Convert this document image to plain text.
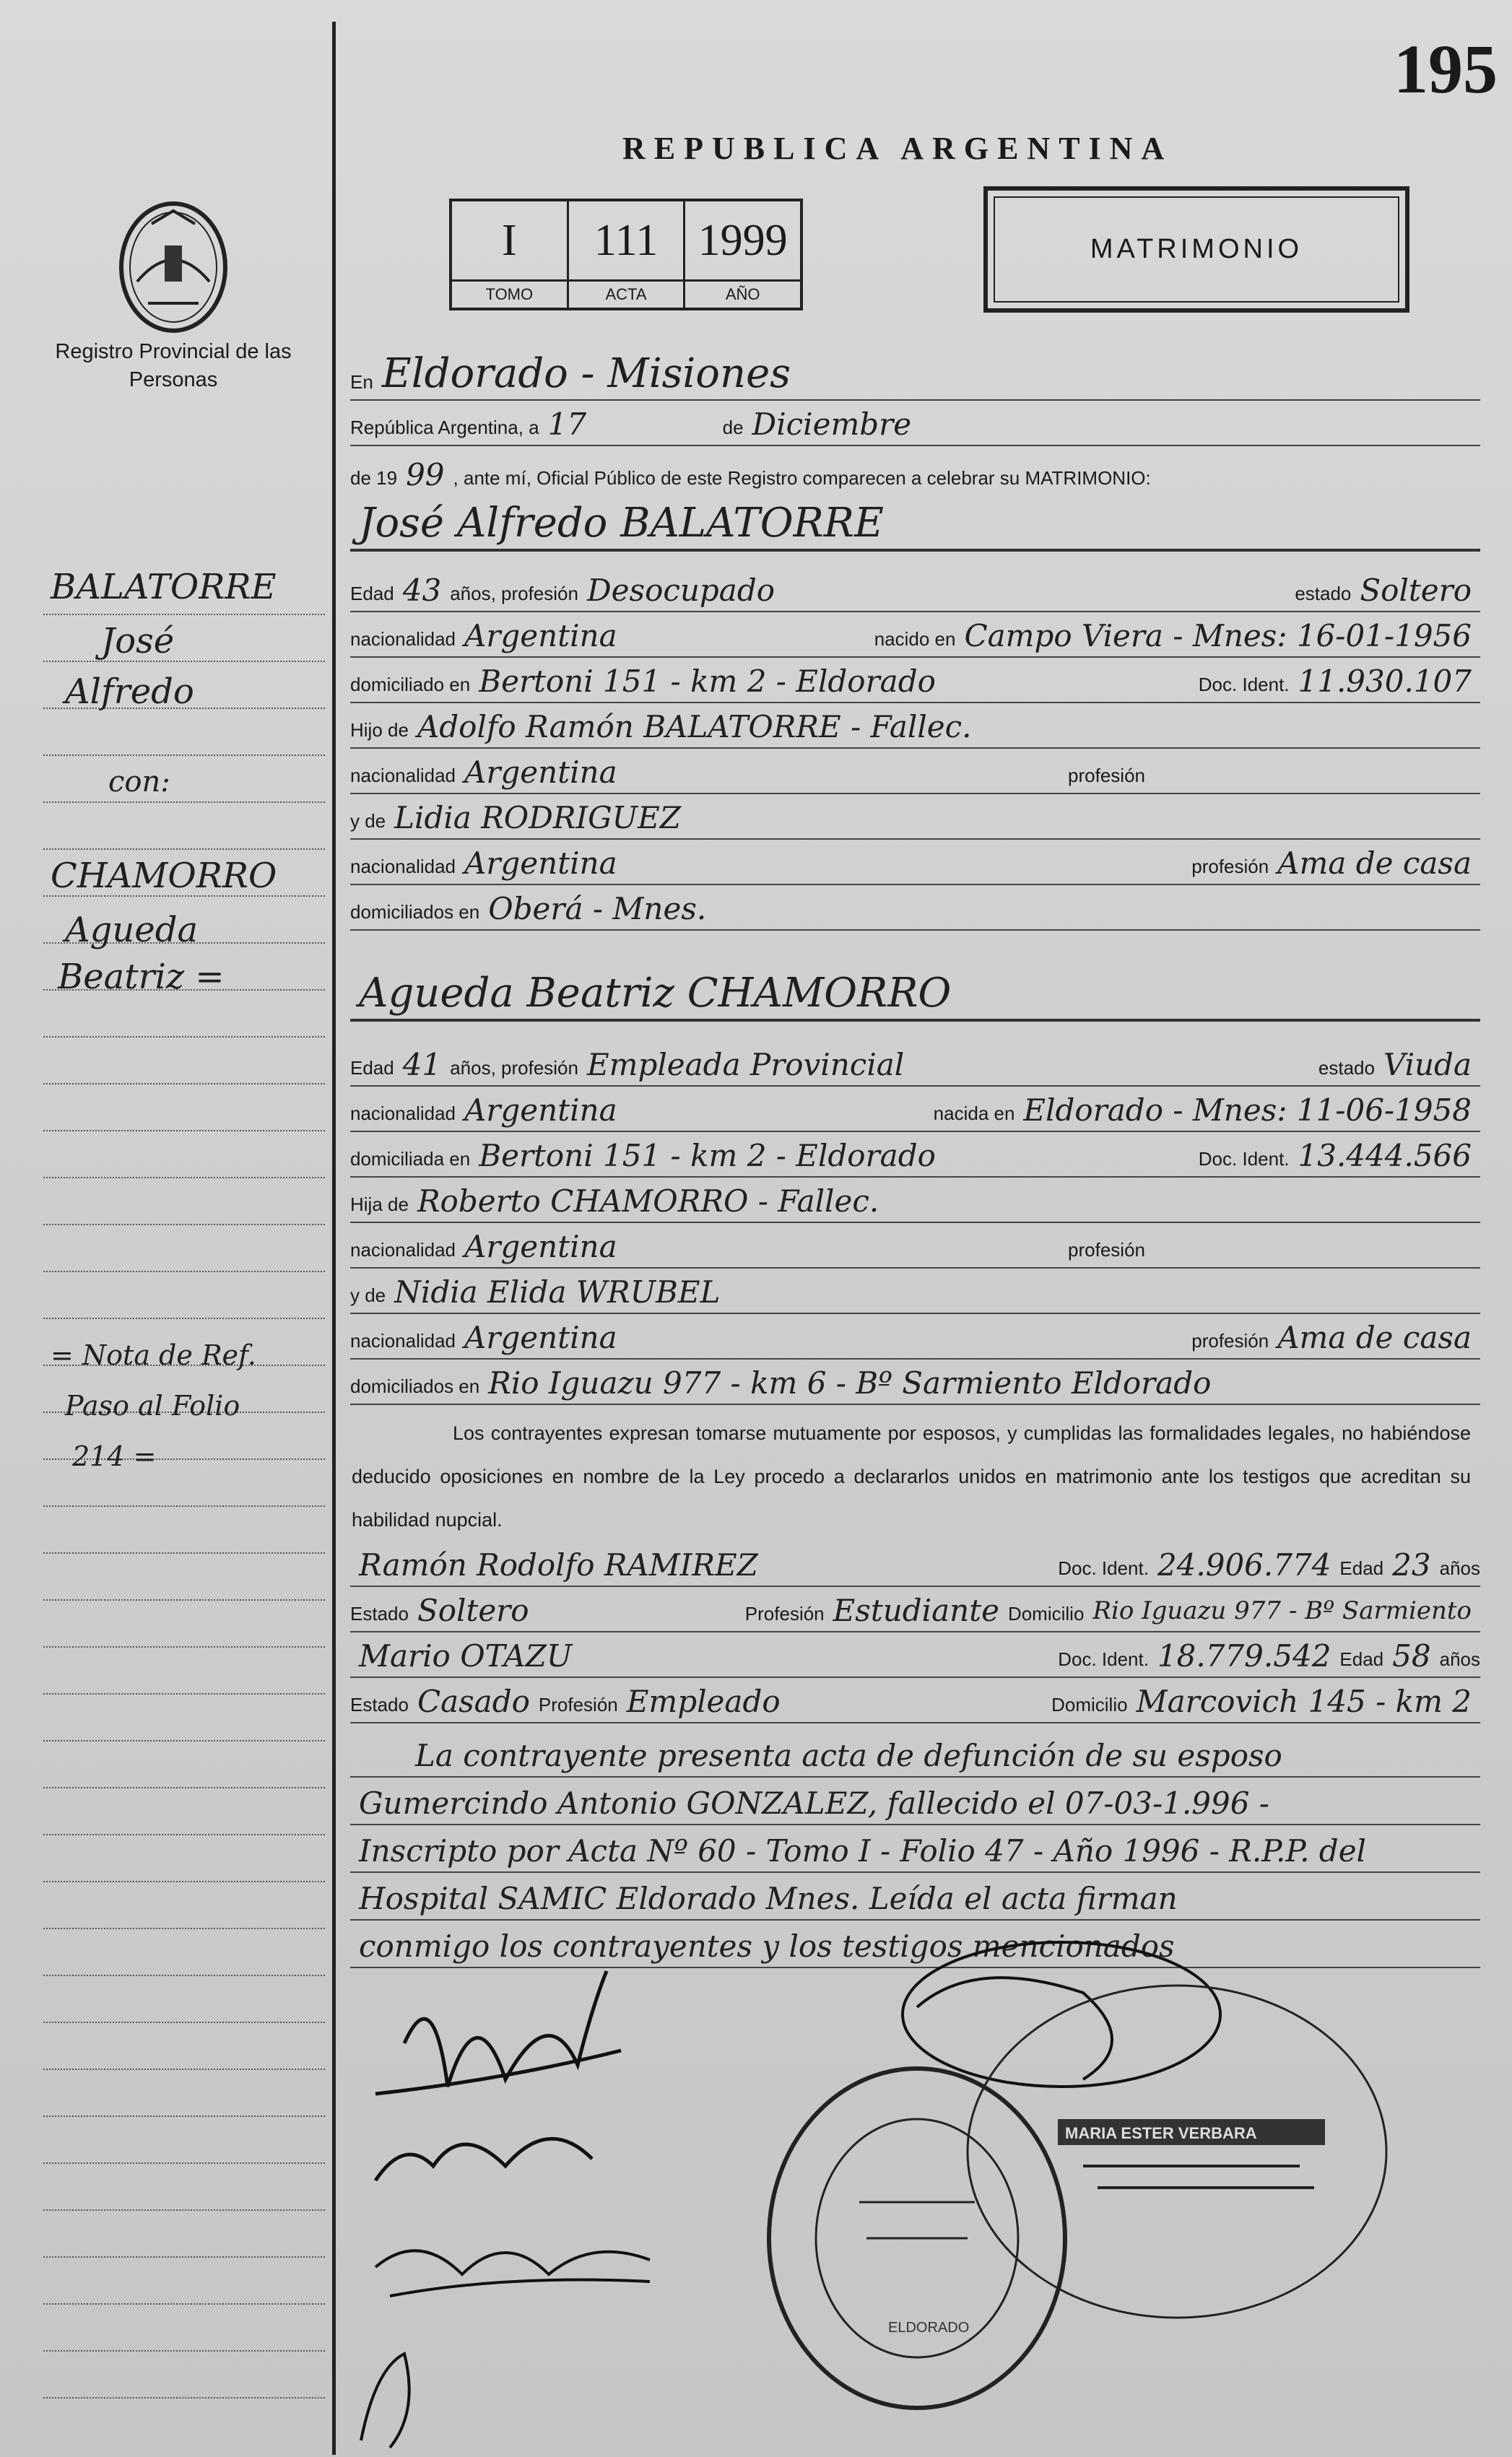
195
REPUBLICA ARGENTINA
Registro Provincial de las Personas
I
TOMO
111
ACTA
1999
AÑO
MATRIMONIO
En Eldorado - Misiones
República Argentina, a 17	de Diciembre
de 19 99 , ante mí, Oficial Público de este Registro comparecen a celebrar su MATRIMONIO:
José Alfredo BALATORRE
Edad 43 años, profesión Desocupado	estado Soltero
nacionalidad Argentina	nacido en Campo Viera - Mnes: 16-01-1956
domiciliado en Bertoni 151 - km 2 - Eldorado	Doc. Ident. 11.930.107
Hijo de Adolfo Ramón BALATORRE - Fallec.
nacionalidad Argentina	profesión
y de Lidia RODRIGUEZ
nacionalidad Argentina	profesión Ama de casa
domiciliados en Oberá - Mnes.
Agueda Beatriz CHAMORRO
Edad 41 años, profesión Empleada Provincial	estado Viuda
nacionalidad Argentina	nacida en Eldorado - Mnes: 11-06-1958
domiciliada en Bertoni 151 - km 2 - Eldorado	Doc. Ident. 13.444.566
Hija de Roberto CHAMORRO - Fallec.
nacionalidad Argentina	profesión
y de Nidia Elida WRUBEL
nacionalidad Argentina	profesión Ama de casa
domiciliados en Rio Iguazu 977 - km 6 - Bº Sarmiento Eldorado
Los contrayentes expresan tomarse mutuamente por esposos, y cumplidas las formalidades legales, no habiéndose deducido oposiciones en nombre de la Ley procedo a declararlos unidos en matrimonio ante los testigos que acreditan su habilidad nupcial.
Ramón Rodolfo RAMIREZ	Doc. Ident. 24.906.774 Edad 23 años
Estado Soltero	Profesión Estudiante Domicilio Rio Iguazu 977 - Bº Sarmiento
Mario OTAZU	Doc. Ident. 18.779.542 Edad 58 años
Estado Casado Profesión Empleado	Domicilio Marcovich 145 - km 2
La contrayente presenta acta de defunción de su esposo
Gumercindo Antonio GONZALEZ, fallecido el 07-03-1.996 -
Inscripto por Acta Nº 60 - Tomo I - Folio 47 - Año 1996 - R.P.P. del
Hospital SAMIC Eldorado Mnes. Leída el acta firman
conmigo los contrayentes y los testigos mencionados
BALATORRE
José
Alfredo
con:
CHAMORRO
Agueda
Beatriz =
= Nota de Ref.
Paso al Folio
214 =
ELDORADO
MARIA ESTER VERBARA
